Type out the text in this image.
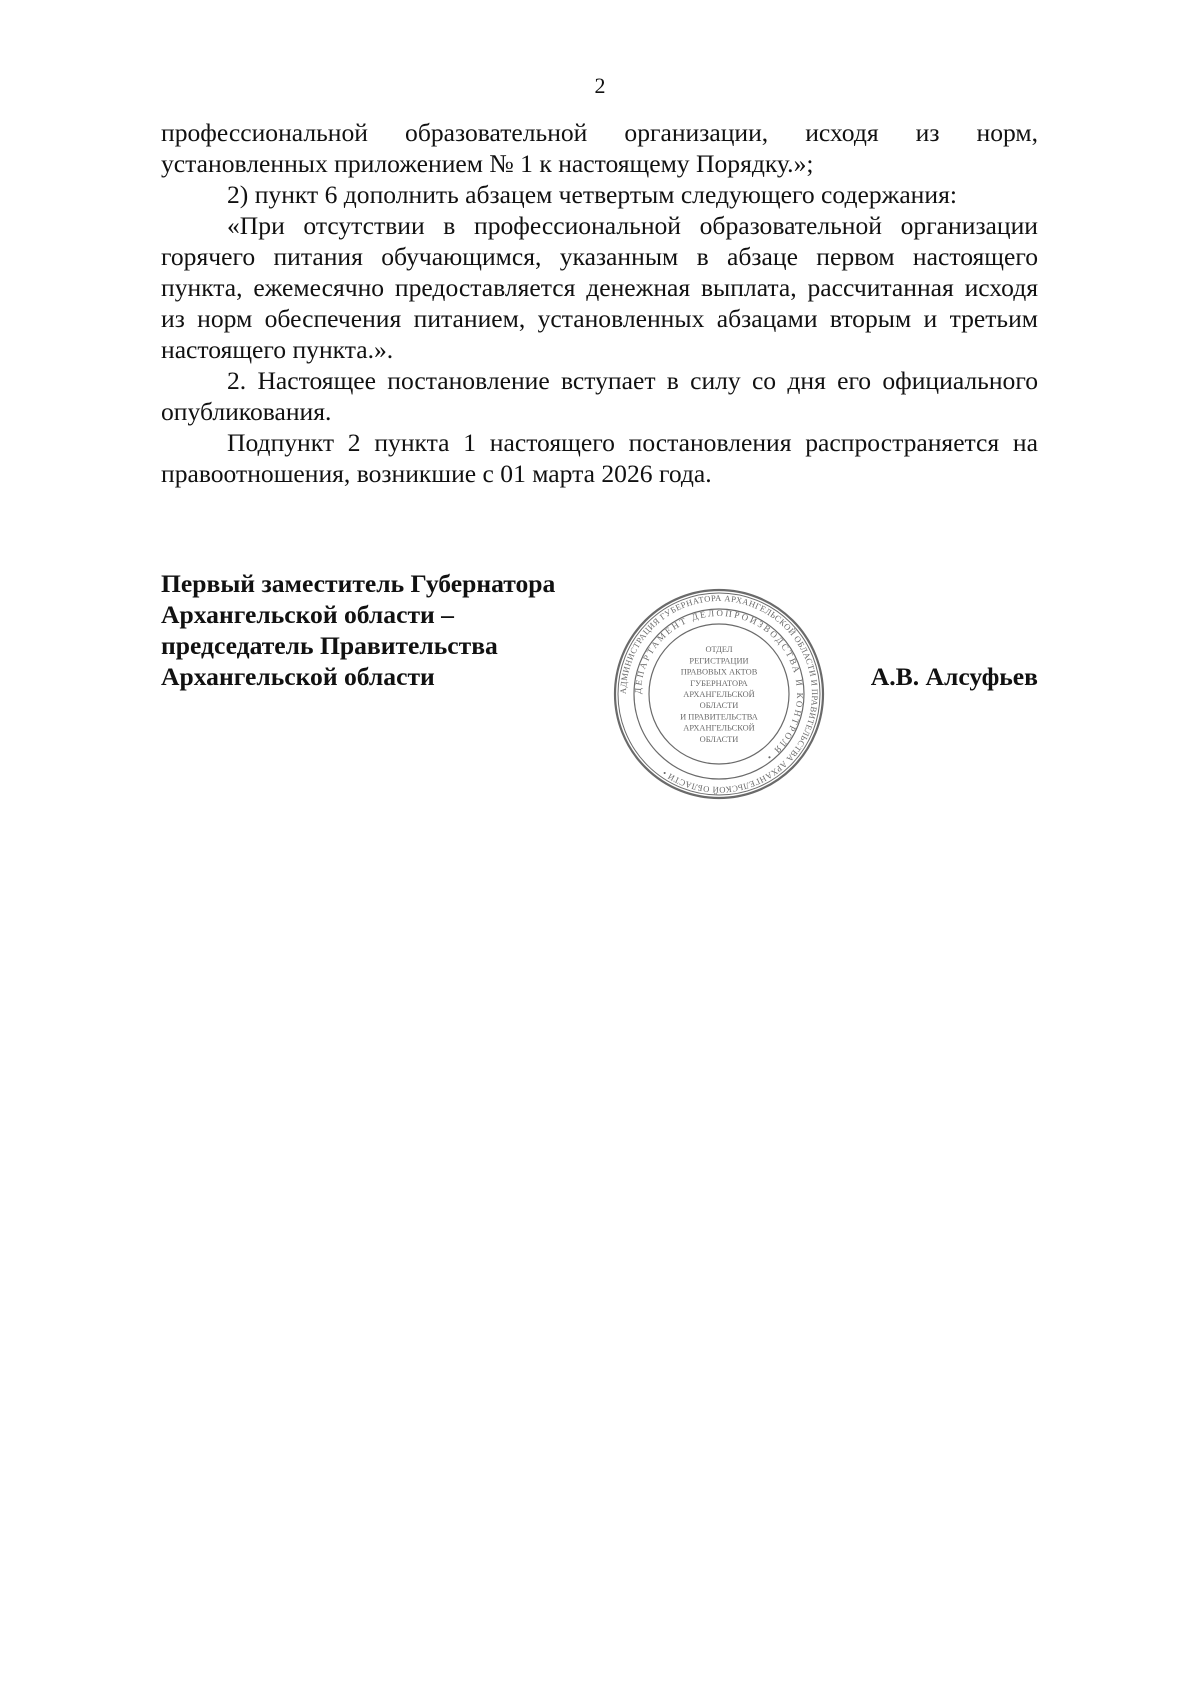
2

профессиональной образовательной организации, исходя из норм, установленных приложением № 1 к настоящему Порядку.»;

2) пункт 6 дополнить абзацем четвертым следующего содержания:

«При отсутствии в профессиональной образовательной организации горячего питания обучающимся, указанным в абзаце первом настоящего пункта, ежемесячно предоставляется денежная выплата, рассчитанная исходя из норм обеспечения питанием, установленных абзацами вторым и третьим настоящего пункта.».

2. Настоящее постановление вступает в силу со дня его официального опубликования.

Подпункт 2 пункта 1 настоящего постановления распространяется на правоотношения, возникшие с 01 марта 2026 года.

Первый заместитель Губернатора
Архангельской области –
председатель Правительства
Архангельской области	АДМИНИСТРАЦИЯ ГУБЕРНАТОРА АРХАНГЕЛЬСКОЙ ОБЛАСТИ И ПРАВИТЕЛЬСТВА АРХАНГЕЛЬСКОЙ ОБЛАСТИ •
ДЕПАРТАМЕНТ ДЕЛОПРОИЗВОДСТВА И КОНТРОЛЯ •
ОТДЕЛ
РЕГИСТРАЦИИ
ПРАВОВЫХ АКТОВ
ГУБЕРНАТОРА
АРХАНГЕЛЬСКОЙ
ОБЛАСТИ
И ПРАВИТЕЛЬСТВА
АРХАНГЕЛЬСКОЙ
ОБЛАСТИ
А.В. Алсуфьев
